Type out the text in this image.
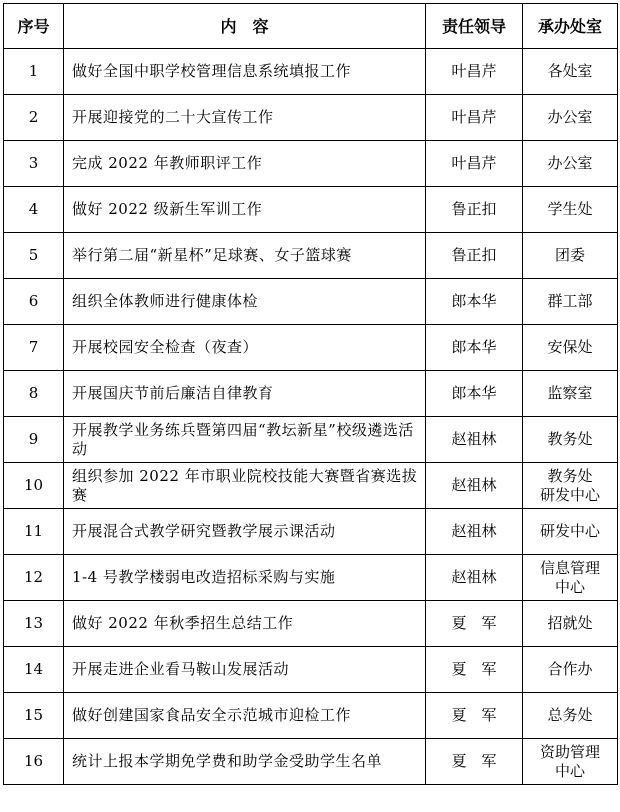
序号	内　容	责任领导	承办处室
1	做好全国中职学校管理信息系统填报工作	叶昌芹	各处室

2	开展迎接党的二十大宣传工作	叶昌芹	办公室

3	完成 2022 年教师职评工作	叶昌芹	办公室

4	做好 2022 级新生军训工作	鲁正扣	学生处

5	举行第二届“新星杯”足球赛、女子篮球赛	鲁正扣	团委

6	组织全体教师进行健康体检	郎本华	群工部

7	开展校园安全检查（夜查）	郎本华	安保处

8	开展国庆节前后廉洁自律教育	郎本华	监察室

9	开展教学业务练兵暨第四届“教坛新星”校级遴选活动	赵祖林	教务处

10	组织参加 2022 年市职业院校技能大赛暨省赛选拔赛	赵祖林	教务处
研发中心

11	开展混合式教学研究暨教学展示课活动	赵祖林	研发中心

12	1-4 号教学楼弱电改造招标采购与实施	赵祖林	信息管理
中心

13	做好 2022 年秋季招生总结工作	夏　军	招就处

14	开展走进企业看马鞍山发展活动	夏　军	合作办

15	做好创建国家食品安全示范城市迎检工作	夏　军	总务处

16	统计上报本学期免学费和助学金受助学生名单	夏　军	资助管理
中心
